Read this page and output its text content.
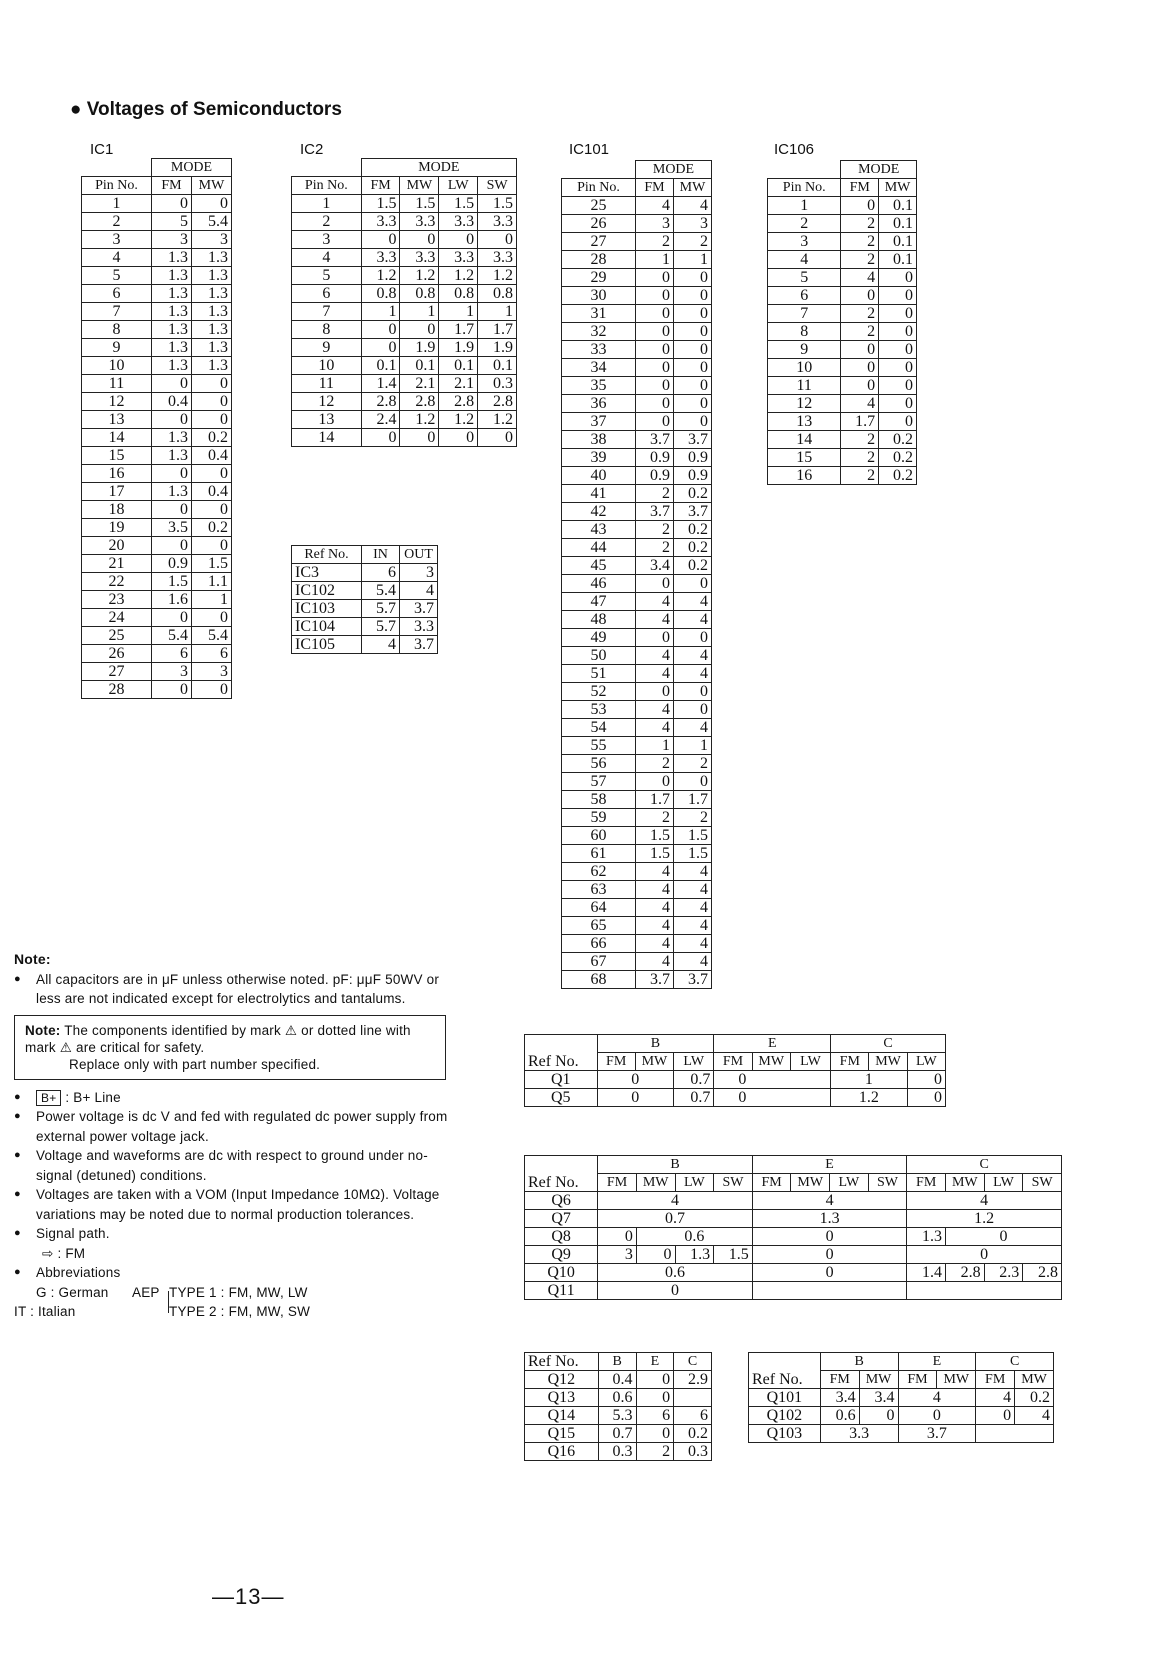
● Voltages of Semiconductors
IC1
	MODE	
Pin No.	FM	MW
1	0	0
2	5	5.4
3	3	3
4	1.3	1.3
5	1.3	1.3
6	1.3	1.3
7	1.3	1.3
8	1.3	1.3
9	1.3	1.3
10	1.3	1.3
11	0	0
12	0.4	0
13	0	0
14	1.3	0.2
15	1.3	0.4
16	0	0
17	1.3	0.4
18	0	0
19	3.5	0.2
20	0	0
21	0.9	1.5
22	1.5	1.1
23	1.6	1
24	0	0
25	5.4	5.4
26	6	6
27	3	3
28	0	0
IC2
	MODE			
Pin No.	FM	MW	LW	SW
1	1.5	1.5	1.5	1.5
2	3.3	3.3	3.3	3.3
3	0	0	0	0
4	3.3	3.3	3.3	3.3
5	1.2	1.2	1.2	1.2
6	0.8	0.8	0.8	0.8
7	1	1	1	1
8	0	0	1.7	1.7
9	0	1.9	1.9	1.9
10	0.1	0.1	0.1	0.1
11	1.4	2.1	2.1	0.3
12	2.8	2.8	2.8	2.8
13	2.4	1.2	1.2	1.2
14	0	0	0	0
Ref No.	IN	OUT
IC3	6	3
IC102	5.4	4
IC103	5.7	3.7
IC104	5.7	3.3
IC105	4	3.7
IC101
	MODE	
Pin No.	FM	MW
25	4	4
26	3	3
27	2	2
28	1	1
29	0	0
30	0	0
31	0	0
32	0	0
33	0	0
34	0	0
35	0	0
36	0	0
37	0	0
38	3.7	3.7
39	0.9	0.9
40	0.9	0.9
41	2	0.2
42	3.7	3.7
43	2	0.2
44	2	0.2
45	3.4	0.2
46	0	0
47	4	4
48	4	4
49	0	0
50	4	4
51	4	4
52	0	0
53	4	0
54	4	4
55	1	1
56	2	2
57	0	0
58	1.7	1.7
59	2	2
60	1.5	1.5
61	1.5	1.5
62	4	4
63	4	4
64	4	4
65	4	4
66	4	4
67	4	4
68	3.7	3.7
IC106
	MODE	
Pin No.	FM	MW
1	0	0.1
2	2	0.1
3	2	0.1
4	2	0.1
5	4	0
6	0	0
7	2	0
8	2	0
9	0	0
10	0	0
11	0	0
12	4	0
13	1.7	0
14	2	0.2
15	2	0.2
16	2	0.2
	B			E			C		
Ref No.	FM	MW	LW	FM	MW	LW	FM	MW	LW
Q1	0		0.7	0			1		0
Q5	0		0.7	0			1.2		0
	B				E				C			
Ref No.	FM	MW	LW	SW	FM	MW	LW	SW	FM	MW	LW	SW
Q6	4				4				4			
Q7	0.7				1.3				1.2			
Q8	0	0.6			0				1.3	0		
Q9	3	0	1.3	1.5	0				0			
Q10	0.6				0				1.4	2.8	2.3	2.8
Q11	0											
Ref No.	B	E	C
Q12	0.4	0	2.9
Q13	0.6	0	
Q14	5.3	6	6
Q15	0.7	0	0.2
Q16	0.3	2	0.3
	B		E		C	
Ref No.	FM	MW	FM	MW	FM	MW
Q101	3.4	3.4	4		4	0.2
Q102	0.6	0	0		0	4
Q103	3.3		3.7			
Note:
● All capacitors are in μF unless otherwise noted. pF: μμF 50WV or less are not indicated except for electrolytics and tantalums.
Note: The components identified by mark ⚠ or dotted line with mark ⚠ are critical for safety.
Replace only with part number specified.
● B+ : B+ Line
● Power voltage is dc V and fed with regulated dc power supply from external power voltage jack.
● Voltage and waveforms are dc with respect to ground under no-signal (detuned) conditions.
● Voltages are taken with a VOM (Input Impedance 10MΩ). Voltage variations may be noted due to normal production tolerances.
● Signal path.
⇨ : FM
● Abbreviations
G : German
IT : Italian
AEP TYPE 1 : FM, MW, LW
TYPE 2 : FM, MW, SW
—13—
